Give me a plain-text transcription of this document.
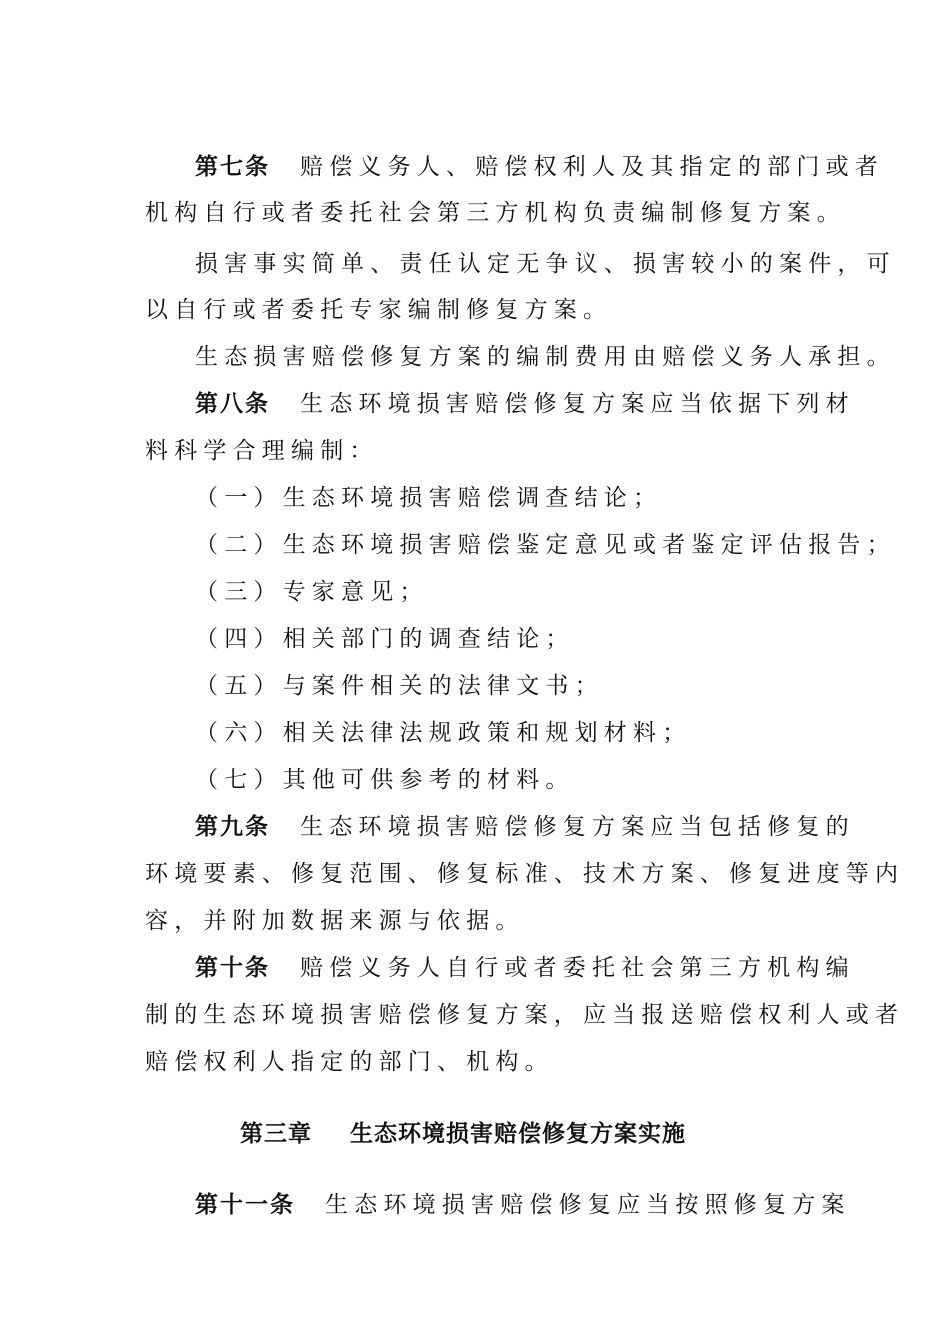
第七条 赔偿义务人、赔偿权利人及其指定的部门或者
机构自行或者委托社会第三方机构负责编制修复方案。
损害事实简单、责任认定无争议、损害较小的案件，可
以自行或者委托专家编制修复方案。
生态损害赔偿修复方案的编制费用由赔偿义务人承担。
第八条 生态环境损害赔偿修复方案应当依据下列材
料科学合理编制：
（一）生态环境损害赔偿调查结论；
（二）生态环境损害赔偿鉴定意见或者鉴定评估报告；
（三）专家意见；
（四）相关部门的调查结论；
（五）与案件相关的法律文书；
（六）相关法律法规政策和规划材料；
（七）其他可供参考的材料。
第九条 生态环境损害赔偿修复方案应当包括修复的
环境要素、修复范围、修复标准、技术方案、修复进度等内
容，并附加数据来源与依据。
第十条 赔偿义务人自行或者委托社会第三方机构编
制的生态环境损害赔偿修复方案，应当报送赔偿权利人或者
赔偿权利人指定的部门、机构。
第三章 生态环境损害赔偿修复方案实施
第十一条 生态环境损害赔偿修复应当按照修复方案
